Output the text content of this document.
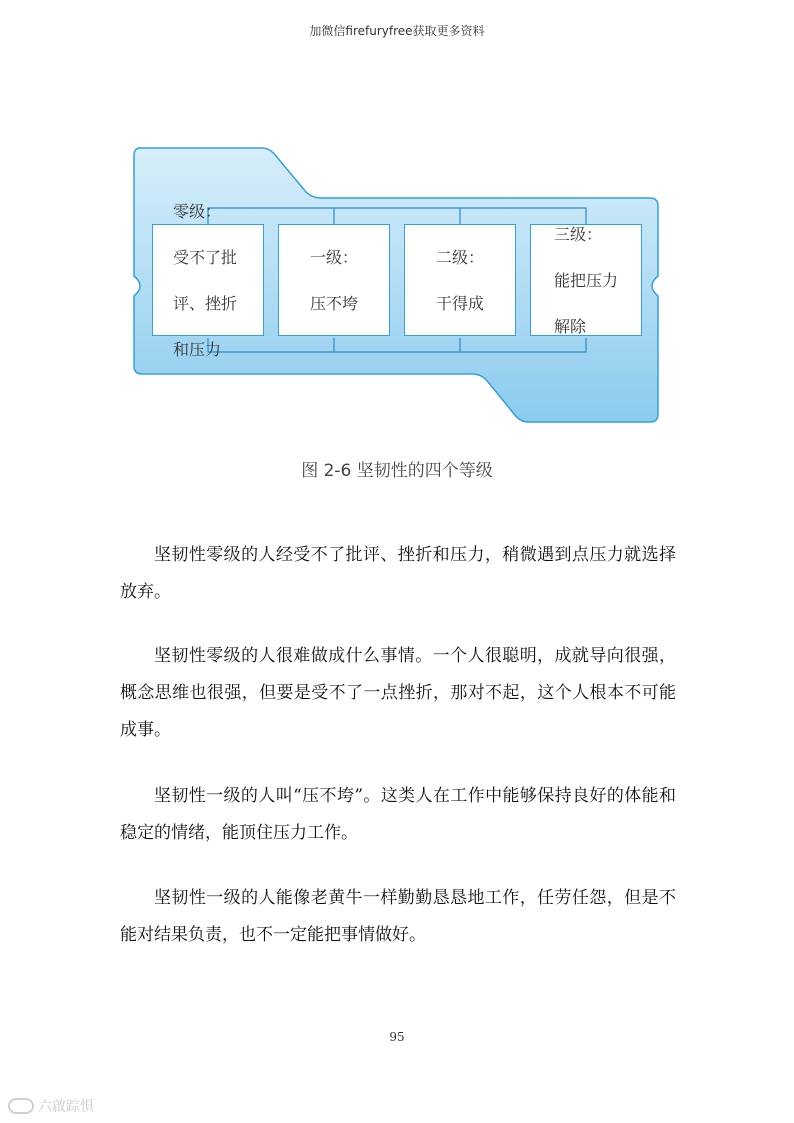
加微信firefuryfree获取更多资料

零级：

受不了批

评、挫折

和压力

一级：

压不垮

二级：

干得成

三级：

能把压力

解除

图 2-6 坚韧性的四个等级

坚韧性零级的人经受不了批评、挫折和压力，稍微遇到点压力就选择放弃。

坚韧性零级的人很难做成什么事情。一个人很聪明，成就导向很强，概念思维也很强，但要是受不了一点挫折，那对不起，这个人根本不可能成事。

坚韧性一级的人叫“压不垮”。这类人在工作中能够保持良好的体能和稳定的情绪，能顶住压力工作。

坚韧性一级的人能像老黄牛一样勤勤恳恳地工作，任劳任怨，但是不能对结果负责，也不一定能把事情做好。

95
六啟踪惧
